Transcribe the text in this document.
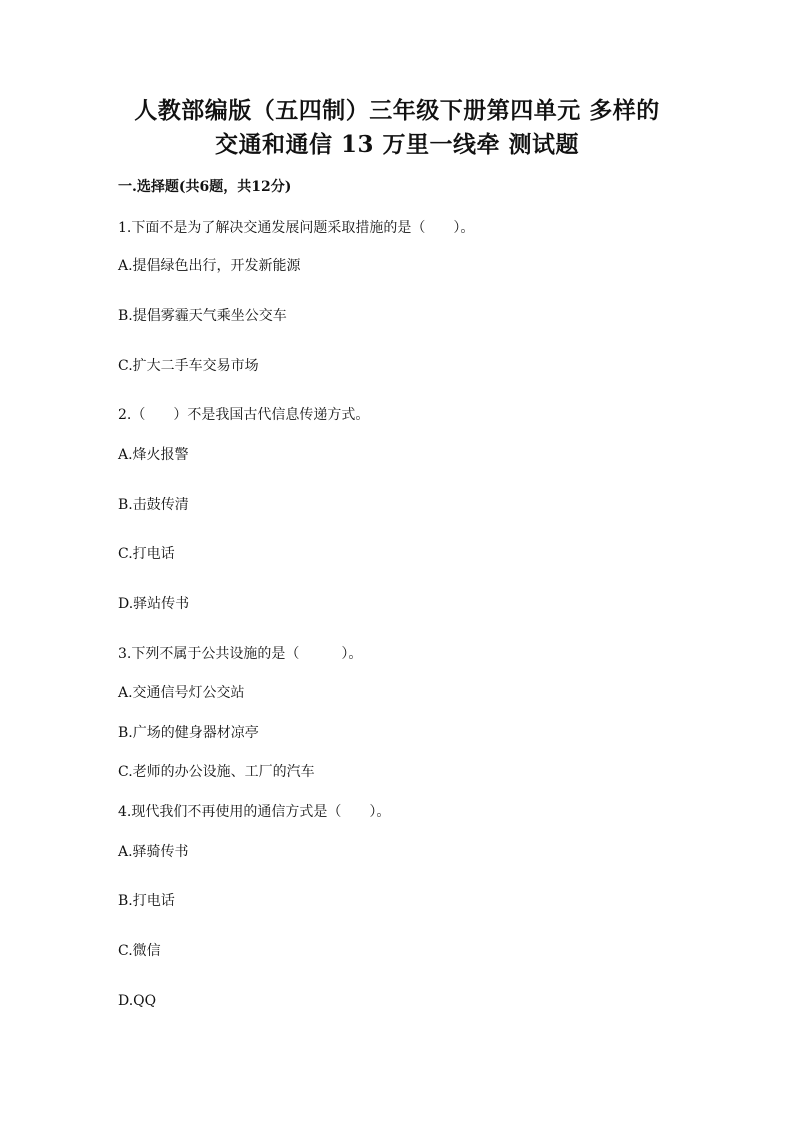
人教部编版（五四制）三年级下册第四单元 多样的
交通和通信 13 万里一线牵 测试题
一.选择题(共6题，共12分)
1.下面不是为了解决交通发展问题采取措施的是（　　）。
A.提倡绿色出行，开发新能源
B.提倡雾霾天气乘坐公交车
C.扩大二手车交易市场
2.（　　）不是我国古代信息传递方式。
A.烽火报警
B.击鼓传清
C.打电话
D.驿站传书
3.下列不属于公共设施的是（　　　）。
A.交通信号灯公交站
B.广场的健身器材凉亭
C.老师的办公设施、工厂的汽车
4.现代我们不再使用的通信方式是（　　）。
A.驿骑传书
B.打电话
C.微信
D.QQ
